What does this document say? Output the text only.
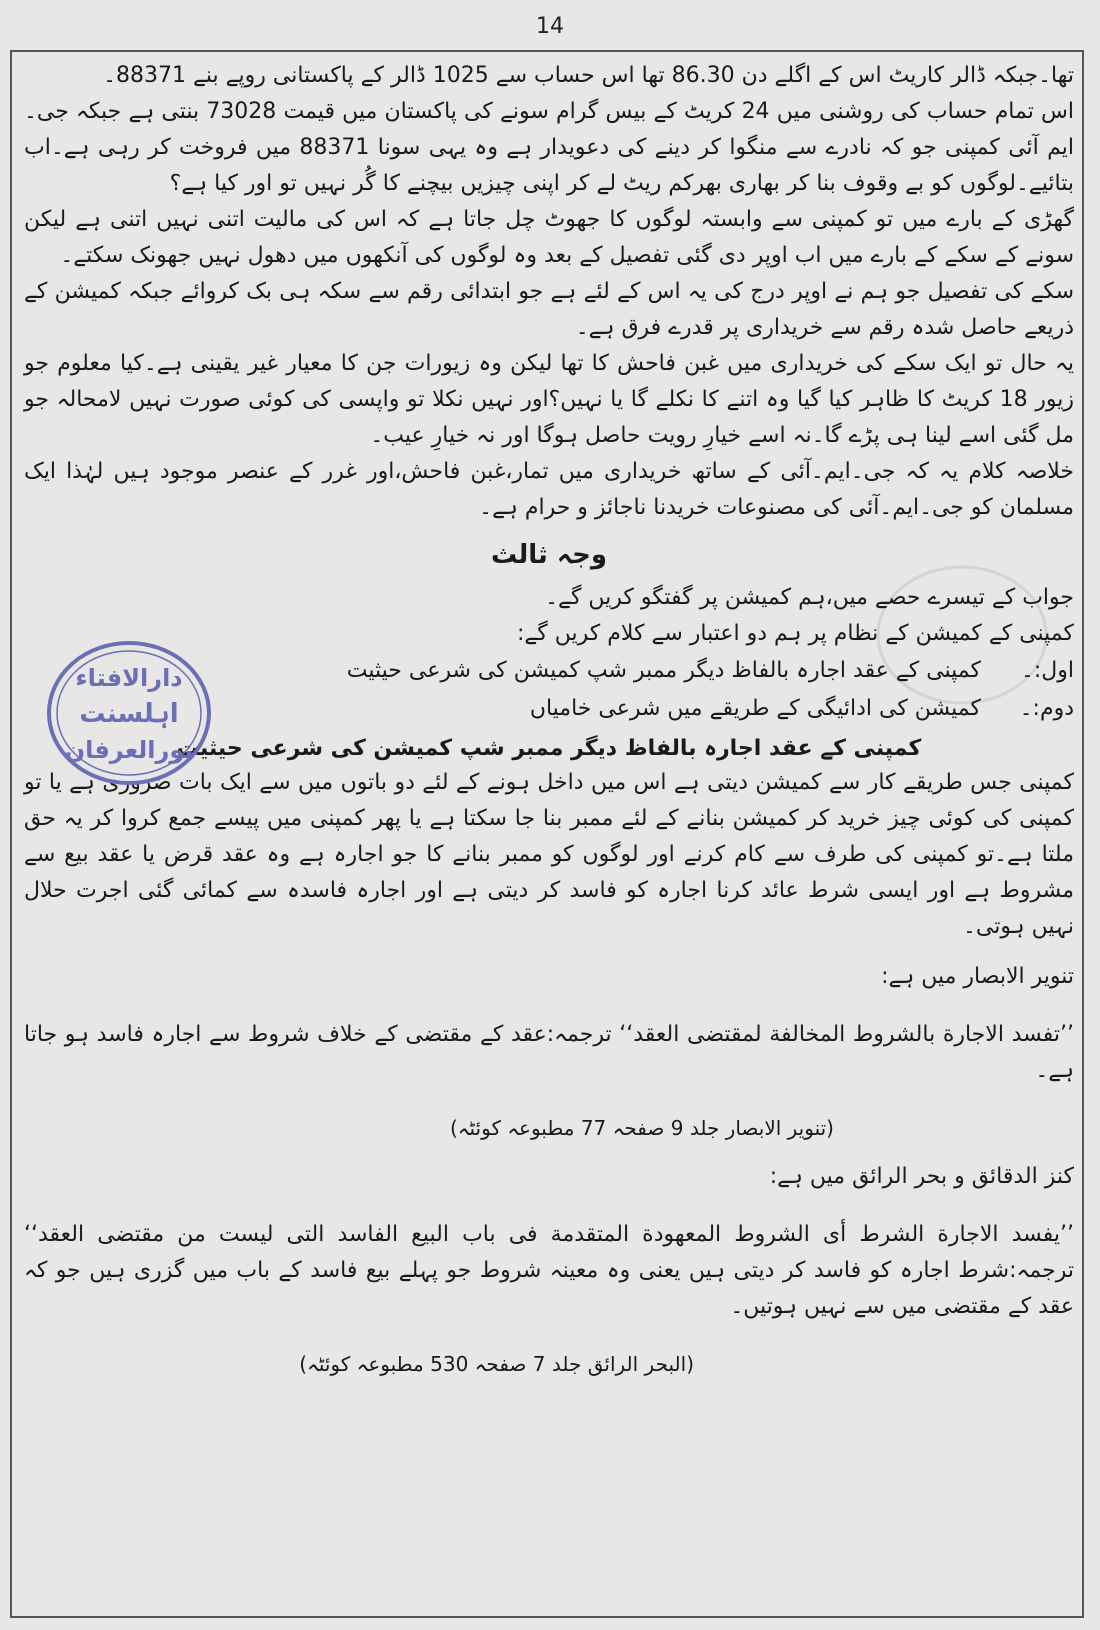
14

تھا۔جبکہ ڈالر کاریٹ اس کے اگلے دن 86.30 تھا اس حساب سے 1025 ڈالر کے پاکستانی روپے بنے 88371۔

اس تمام حساب کی روشنی میں 24 کریٹ کے بیس گرام سونے کی پاکستان میں قیمت 73028 بنتی ہے جبکہ جی۔ایم آئی کمپنی جو کہ نادرے سے منگوا کر دینے کی دعویدار ہے وہ یہی سونا 88371 میں فروخت کر رہی ہے۔اب بتائیے۔لوگوں کو بے وقوف بنا کر بھاری بھرکم ریٹ لے کر اپنی چیزیں بیچنے کا گُر نہیں تو اور کیا ہے؟

گھڑی کے بارے میں تو کمپنی سے وابستہ لوگوں کا جھوٹ چل جاتا ہے کہ اس کی مالیت اتنی نہیں اتنی ہے لیکن سونے کے سکے کے بارے میں اب اوپر دی گئی تفصیل کے بعد وہ لوگوں کی آنکھوں میں دھول نہیں جھونک سکتے۔

سکے کی تفصیل جو ہم نے اوپر درج کی یہ اس کے لئے ہے جو ابتدائی رقم سے سکہ ہی بک کروائے جبکہ کمیشن کے ذریعے حاصل شدہ رقم سے خریداری پر قدرے فرق ہے۔

یہ حال تو ایک سکے کی خریداری میں غبن فاحش کا تھا لیکن وہ زیورات جن کا معیار غیر یقینی ہے۔کیا معلوم جو زیور 18 کریٹ کا ظاہر کیا گیا وہ اتنے کا نکلے گا یا نہیں؟اور نہیں نکلا تو واپسی کی کوئی صورت نہیں لامحالہ جو مل گئی اسے لینا ہی پڑے گا۔نہ اسے خیارِ رویت حاصل ہوگا اور نہ خیارِ عیب۔

خلاصہ کلام یہ کہ جی۔ایم۔آئی کے ساتھ خریداری میں تمار،غبن فاحش،اور غرر کے عنصر موجود ہیں لہٰذا ایک مسلمان کو جی۔ایم۔آئی کی مصنوعات خریدنا ناجائز و حرام ہے۔

وجہ ثالث

جواب کے تیسرے حصے میں،ہم کمیشن پر گفتگو کریں گے۔

کمپنی کے کمیشن کے نظام پر ہم دو اعتبار سے کلام کریں گے:

اول:۔ کمپنی کے عقد اجارہ بالفاظ دیگر ممبر شپ کمیشن کی شرعی حیثیت
دوم:۔ کمیشن کی ادائیگی کے طریقے میں شرعی خامیاں
کمپنی کے عقد اجارہ بالفاظ دیگر ممبر شپ کمیشن کی شرعی حیثیت

کمپنی جس طریقے کار سے کمیشن دیتی ہے اس میں داخل ہونے کے لئے دو باتوں میں سے ایک بات ضروری ہے یا تو کمپنی کی کوئی چیز خرید کر کمیشن بنانے کے لئے ممبر بنا جا سکتا ہے یا پھر کمپنی میں پیسے جمع کروا کر یہ حق ملتا ہے۔تو کمپنی کی طرف سے کام کرنے اور لوگوں کو ممبر بنانے کا جو اجارہ ہے وہ عقد قرض یا عقد بیع سے مشروط ہے اور ایسی شرط عائد کرنا اجارہ کو فاسد کر دیتی ہے اور اجارہ فاسدہ سے کمائی گئی اجرت حلال نہیں ہوتی۔

تنویر الابصار میں ہے:

’’تفسد الاجارة بالشروط المخالفة لمقتضی العقد‘‘ ترجمہ:عقد کے مقتضی کے خلاف شروط سے اجارہ فاسد ہو جاتا ہے۔

(تنویر الابصار جلد 9 صفحہ 77 مطبوعہ کوئٹہ)

کنز الدقائق و بحر الرائق میں ہے:

’’یفسد الاجارة الشرط أی الشروط المعهودة المتقدمة فی باب البیع الفاسد التی لیست من مقتضی العقد‘‘ ترجمہ:شرط اجارہ کو فاسد کر دیتی ہیں یعنی وہ معینہ شروط جو پہلے بیع فاسد کے باب میں گزری ہیں جو کہ عقد کے مقتضی میں سے نہیں ہوتیں۔

(البحر الرائق جلد 7 صفحہ 530 مطبوعہ کوئٹہ)

دارالافتاء
اہلسنت
نورالعرفان
